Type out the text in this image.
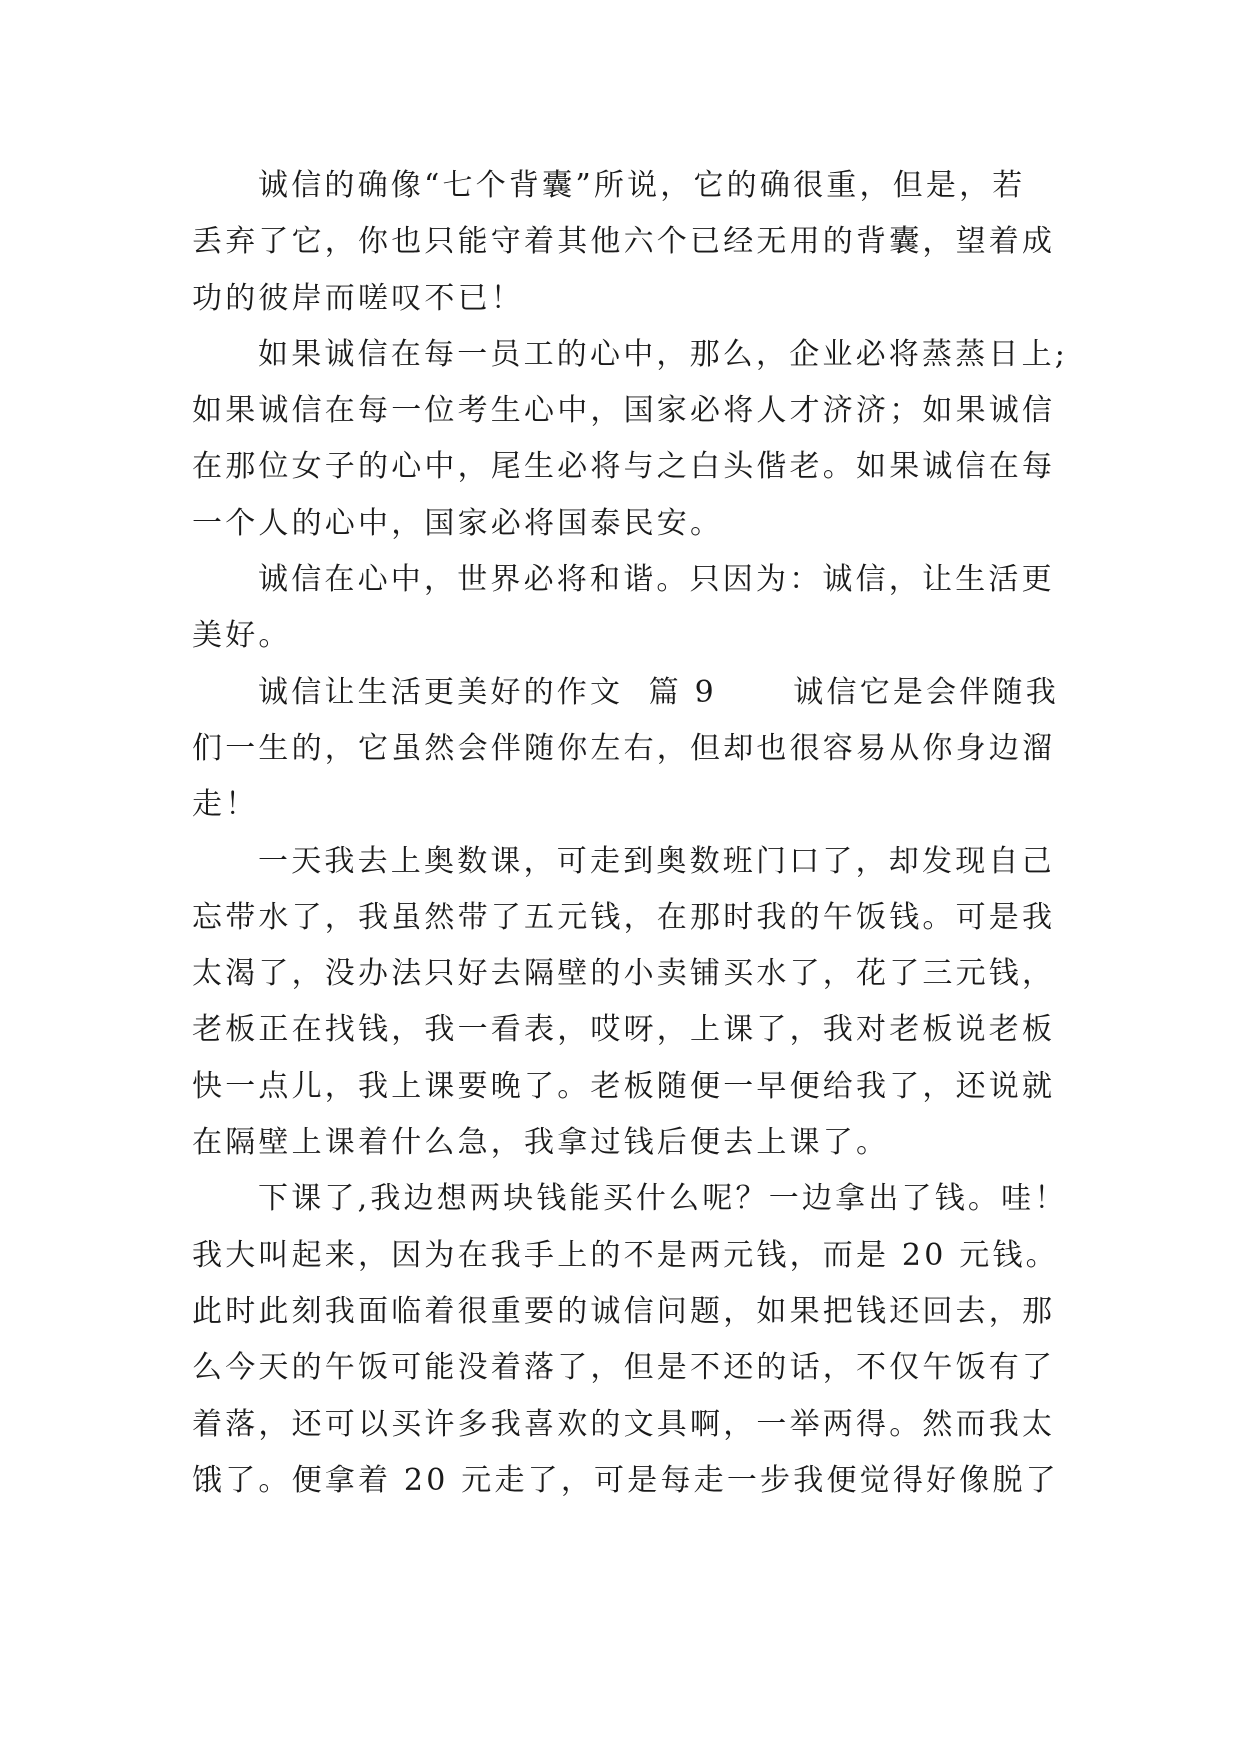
诚信的确像“七个背囊”所说，它的确很重，但是，若
丢弃了它，你也只能守着其他六个已经无用的背囊，望着成
功的彼岸而嗟叹不已！
如果诚信在每一员工的心中，那么，企业必将蒸蒸日上;
如果诚信在每一位考生心中，国家必将人才济济；如果诚信
在那位女子的心中，尾生必将与之白头偕老。如果诚信在每
一个人的心中，国家必将国泰民安。
诚信在心中，世界必将和谐。只因为：诚信，让生活更
美好。
诚信让生活更美好的作文  篇 9      诚信它是会伴随我
们一生的，它虽然会伴随你左右，但却也很容易从你身边溜
走！
一天我去上奥数课，可走到奥数班门口了，却发现自己
忘带水了，我虽然带了五元钱，在那时我的午饭钱。可是我
太渴了，没办法只好去隔壁的小卖铺买水了，花了三元钱，
老板正在找钱，我一看表，哎呀，上课了，我对老板说老板
快一点儿，我上课要晚了。老板随便一早便给我了，还说就
在隔壁上课着什么急，我拿过钱后便去上课了。
下课了,我边想两块钱能买什么呢？一边拿出了钱。哇！
我大叫起来，因为在我手上的不是两元钱，而是 20 元钱。
此时此刻我面临着很重要的诚信问题，如果把钱还回去，那
么今天的午饭可能没着落了，但是不还的话，不仅午饭有了
着落，还可以买许多我喜欢的文具啊，一举两得。然而我太
饿了。便拿着 20 元走了，可是每走一步我便觉得好像脱了
